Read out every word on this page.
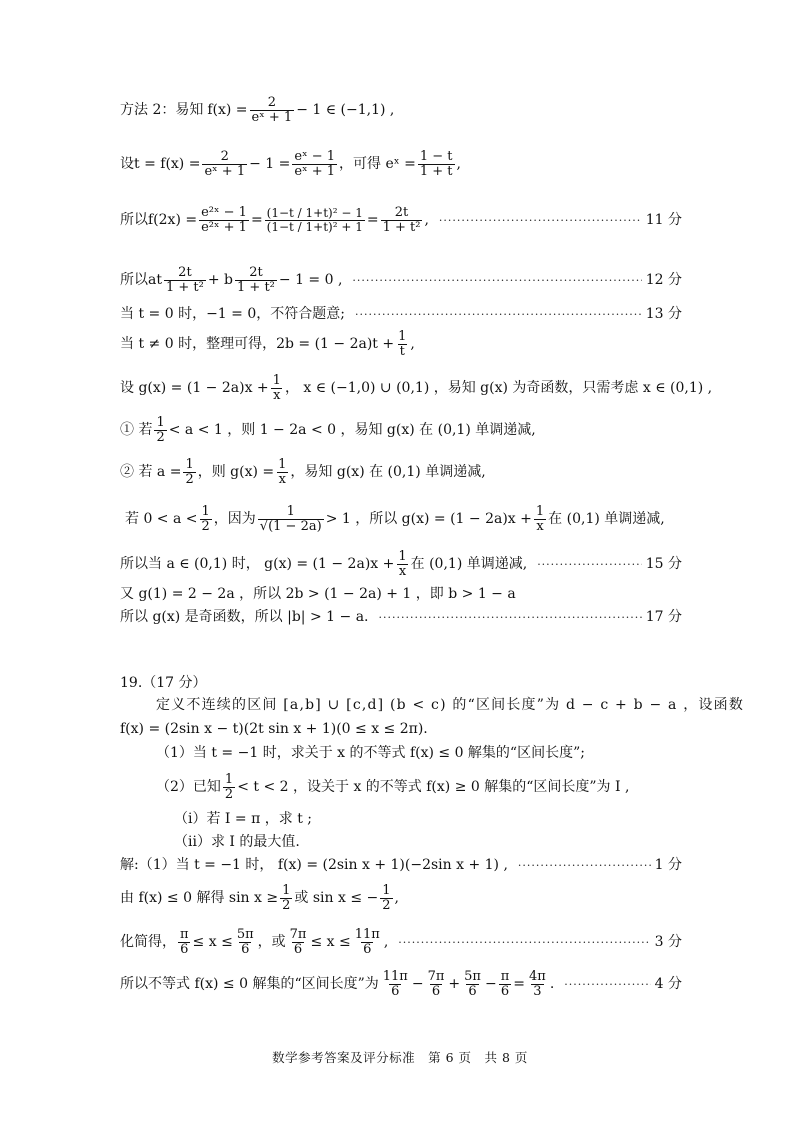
方法 2：易知 $f(x) = \frac{2}{\text{eˣ + 1}} - 1$ ∈ (−1,1) ,
设 $t = f(x) = \frac{2}{\text{eˣ + 1}} - 1 = \frac{\text{eˣ − 1}}{\text{eˣ + 1}}$ ，可得 eˣ = $\frac{1 - t}{1 + t}$ ,
所以 $f(2x) = \frac{\text{e²ˣ − 1}}{\text{e²ˣ + 1}} = \frac{\text{(1−t / 1+t)² − 1}}{\text{(1−t / 1+t)² + 1}} = \frac{2t}{\text{1 + t²}}$ , ·····	11 分
所以 at $\frac{2t}{\text{1 + t²}} + b \frac{2t}{\text{1 + t²}} - 1 = 0$ , ·····	12 分
当 t = 0 时，−1 = 0，不符合题意; ·····	13 分
当 t ≠ 0 时，整理可得， $2b = (1 - 2a)t + \frac{1}{t}$ ,
设 $g(x) = (1 - 2a)x + \frac{1}{x}$ ， x ∈ (−1,0) ∪ (0,1) ，易知 g(x) 为奇函数，只需考虑 x ∈ (0,1) ,
① 若 $\frac{1}{2} < a < 1$ ，则 1 − 2a < 0 ，易知 g(x) 在 (0,1) 单调递减,
② 若 $a = \frac{1}{2}$ ，则 $g(x) = \frac{1}{x}$ ，易知 g(x) 在 (0,1) 单调递减,
若 $0 < a < \frac{1}{2}$ ，因为 $\frac{1}{√(1 - 2a)} > 1$ ，所以 $g(x) = (1 - 2a)x + \frac{1}{x}$ 在 (0,1) 单调递减,
所以当 a ∈ (0,1) 时， $g(x) = (1 - 2a)x + \frac{1}{x}$ 在 (0,1) 单调递减, ·····	15 分
又 g(1) = 2 − 2a ，所以 2b > (1 − 2a) + 1 ，即 b > 1 − a
所以 g(x) 是奇函数，所以 |b| > 1 − a. ·····	17 分
19.（17 分）
定义不连续的区间 [a,b] ∪ [c,d] (b < c) 的“区间长度”为 d − c + b − a ，设函数
f(x) = (2sin x − t)(2t sin x + 1)(0 ≤ x ≤ 2π).
（1）当 t = −1 时，求关于 x 的不等式 f(x) ≤ 0 解集的“区间长度”;
（2）已知 $\frac{1}{2} < t < 2$ ，设关于 x 的不等式 f(x) ≥ 0 解集的“区间长度”为 I ,
（i）若 I = π ，求 t ;
（ii）求 I 的最大值.
解:（1）当 t = −1 时， f(x) = (2sin x + 1)(−2sin x + 1) , ·····	1 分
由 f(x) ≤ 0 解得 $\sin x \ge \frac{1}{2}$ 或 sin x ≤ − $\frac{1}{2}$ ,
化简得， $\frac{\pi}{6} \le x \le \frac{5\pi}{6}$ ，或 $\frac{7\pi}{6} \le x \le \frac{11\pi}{6}$ , ·····	3 分
所以不等式 f(x) ≤ 0 解集的“区间长度”为 $\frac{11\pi}{6} - \frac{7\pi}{6} + \frac{5\pi}{6} - \frac{\pi}{6} = \frac{4\pi}{3}$ . ·····	4 分
数学参考答案及评分标准　第 6 页　共 8 页
